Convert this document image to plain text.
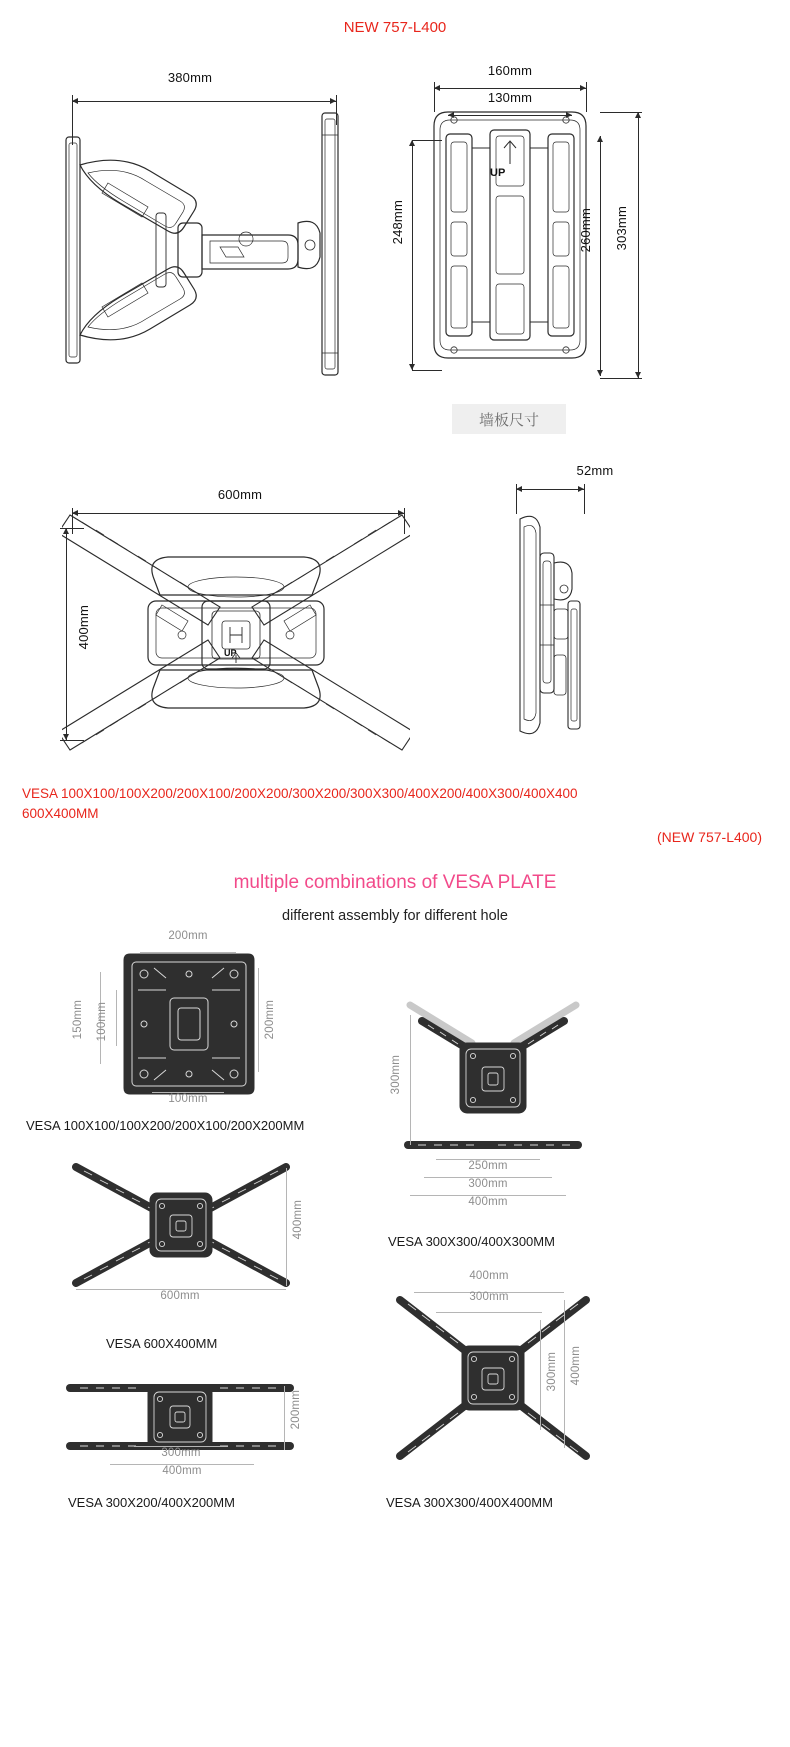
NEW 757-L400
380mm
UP
160mm
130mm
248mm	260mm 303mm
墙板尺寸
UP
600mm
400mm
52mm
VESA 100X100/100X200/200X100/200X200/300X200/300X300/400X200/400X300/400X400
600X400MM
(NEW 757-L400)
multiple combinations of VESA PLATE
different assembly for different hole
200mm
150mm 100mm	200mm
100mm
VESA 100X100/100X200/200X100/200X200MM
300mm
250mm
300mm
400mm
VESA 300X300/400X300MM
400mm
600mm
VESA 600X400MM
200mm
300mm
400mm
VESA 300X200/400X200MM
400mm
300mm
400mm
300mm
VESA 300X300/400X400MM
